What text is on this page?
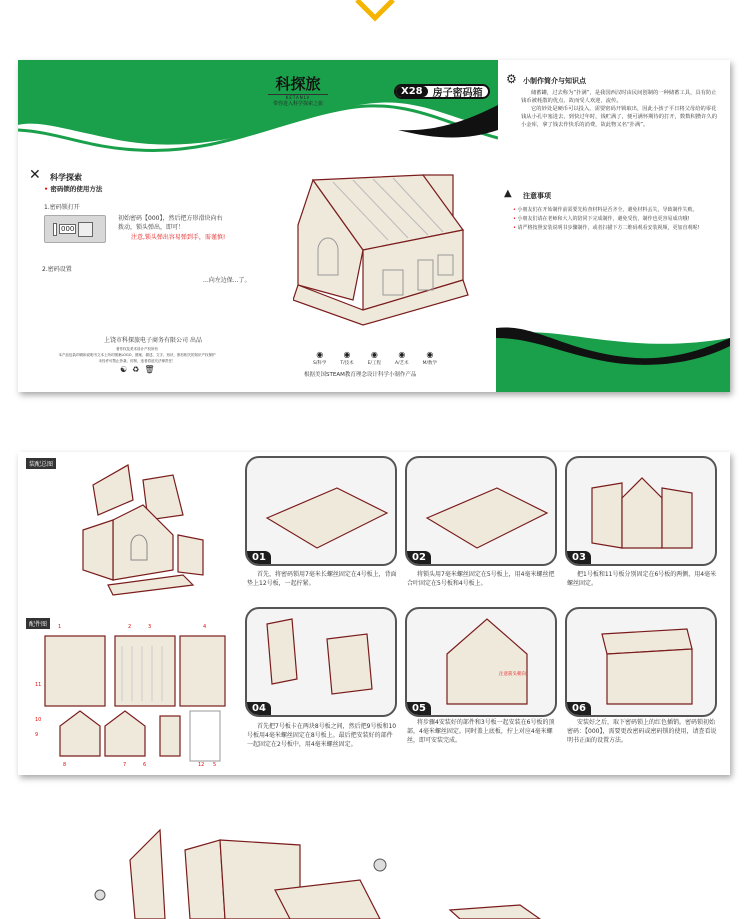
科探旅
KETANLV
带你进入科学探索之旅
X28	房子密码箱
✕ 科学探索
• 密码锁的使用方法
1.密码锁打开
000
初始密码【000】，然后把方形滑块向右拨动，锁头弹出，即可！
注意,锁头弹出容易弹到手，需谨慎!
2.密码设置
...向左边保...了。
上饶市科探旅电子商务有限公司 出品
著作权及美术设计产权所有
本产品包装印刷和说明书文本上所印图案LOGO、图案、描述、文字、形状，都有相关的知识产权保护
未经许可禁止抄袭、仿制，违者将追究法律责任！
☯ ♻ 🗑
◉
S/科学
◉
T/技术
◉
E/工程
◉
A/艺术
◉
M/数学
根据美国STEAM教育理念设计科学小制作产品
⚙ 小制作简介与知识点

储蓄罐，过去称为“扑满”，是我国西汉时由民间创制的一种储蓄工具，具有防止钱币被耗散的优点，故而受人欢迎，流传。

它的妙处是硬币可以投入，需要密码开锁取出，因此小孩子平日将父母给的零花钱从小孔中塞进去，到快过年时，钱贮满了，便可满怀期待的打开，数数积攒许久的小金库，拿了钱去作快乐的消费，故此物又名“扑满”。

▲ 注意事项
• 小朋友们在开始制作前需要先检查材料是否齐全，避免材料丢失，导致制作失败。
• 小朋友们请在老师和大人的陪同下完成制作，避免受伤，制作也更容易成功哦!
• 请严格按照安装说明书步骤制作，或者扫描下方二维码观看安装视频，更加直观呢!
装配总图
配件图	1	2	3	4
5
6
7
8
9
10
11
12
01	02	03
首先，将密码锁用7毫米长螺丝固定在4号板上，背面垫上12号板，一起拧紧。
将锁头用7毫米螺丝固定在5号板上，用4毫米螺丝把合叶固定在5号板和4号板上。
把1号板和11号板分别固定在6号板的两侧，用4毫米螺丝固定。
04	05
注意箭头朝向
06
首先把7号板卡在两块8号板之间，然后把9号板和10号板用4毫米螺丝固定在8号板上。最后把安装好的部件一起固定在2号板中，用4毫米螺丝固定。
将步骤4安装好的部件和3号板一起安装在6号板的顶部，4毫米螺丝固定。同时盖上底板，拧上对应4毫米螺丝，即可安装完成。
安装好之后，取下密码锁上的红色插销。密码锁初始密码：【000】，需要更改密码或密码锁的使用，请查看说明书正面的设置方法。
